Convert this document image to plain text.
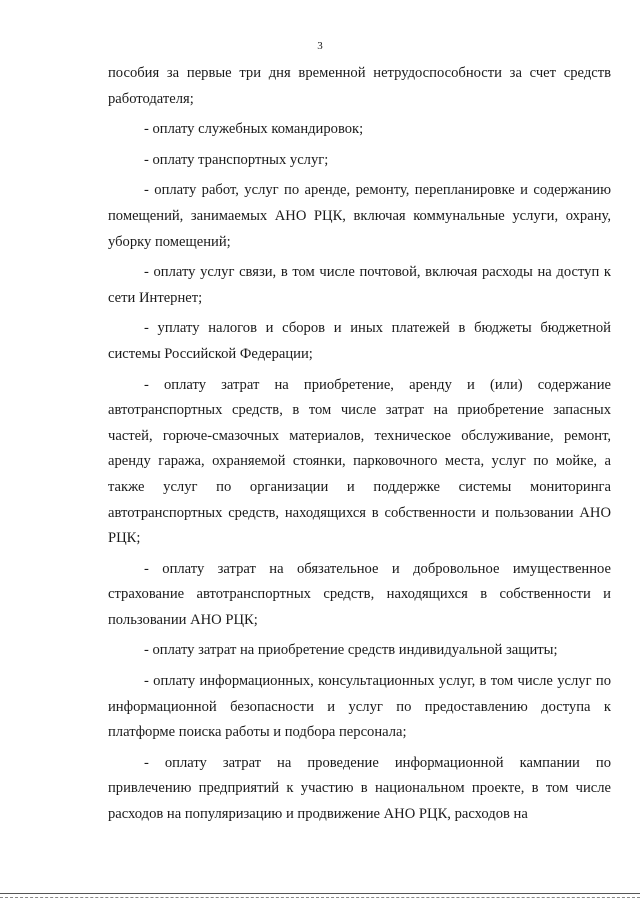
3

пособия за первые три дня временной нетрудоспособности за счет средств работодателя;

- оплату служебных командировок;

- оплату транспортных услуг;

- оплату работ, услуг по аренде, ремонту, перепланировке и содержанию помещений, занимаемых АНО РЦК, включая коммунальные услуги, охрану, уборку помещений;

- оплату услуг связи, в том числе почтовой, включая расходы на доступ к сети Интернет;

- уплату налогов и сборов и иных платежей в бюджеты бюджетной системы Российской Федерации;

- оплату затрат на приобретение, аренду и (или) содержание автотранспортных средств, в том числе затрат на приобретение запасных частей, горюче-смазочных материалов, техническое обслуживание, ремонт, аренду гаража, охраняемой стоянки, парковочного места, услуг по мойке, а также услуг по организации и поддержке системы мониторинга автотранспортных средств, находящихся в собственности и пользовании АНО РЦК;

- оплату затрат на обязательное и добровольное имущественное страхование автотранспортных средств, находящихся в собственности и пользовании АНО РЦК;

- оплату затрат на приобретение средств индивидуальной защиты;

- оплату информационных, консультационных услуг, в том числе услуг по информационной безопасности и услуг по предоставлению доступа к платформе поиска работы и подбора персонала;

- оплату затрат на проведение информационной кампании по привлечению предприятий к участию в национальном проекте, в том числе расходов на популяризацию и продвижение АНО РЦК, расходов на
